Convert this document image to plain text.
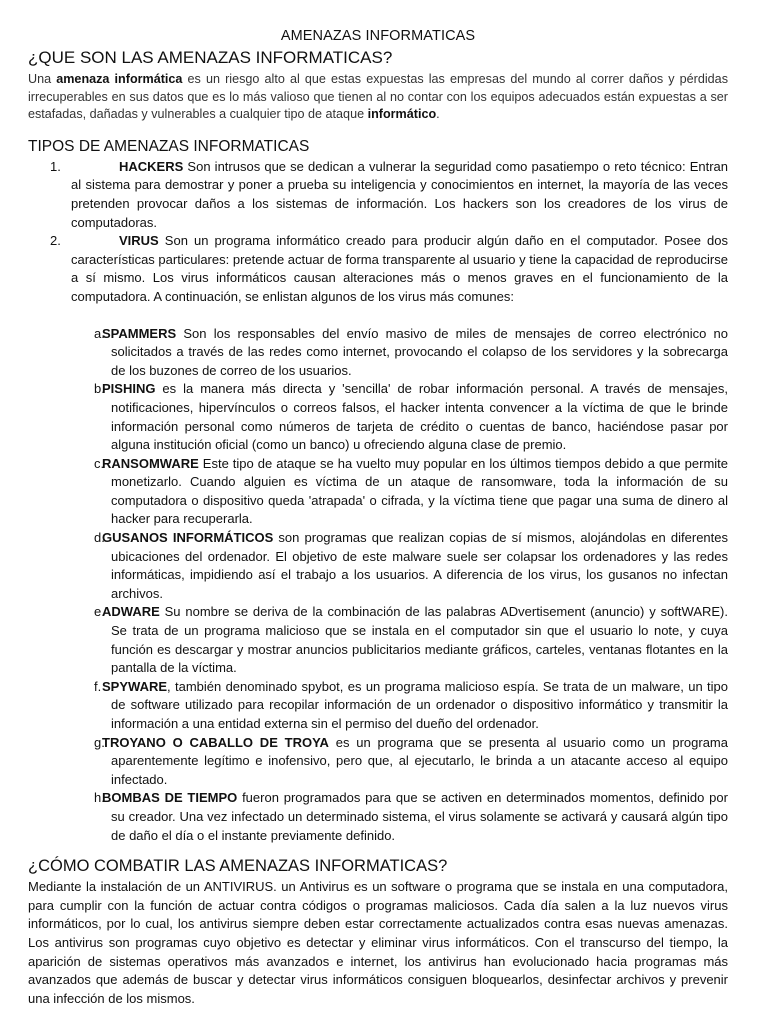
AMENAZAS INFORMATICAS
¿QUE SON LAS AMENAZAS INFORMATICAS?

Una amenaza informática es un riesgo alto al que estas expuestas las empresas del mundo al correr daños y pérdidas irrecuperables en sus datos que es lo más valioso que tienen al no contar con los equipos adecuados están expuestas a ser estafadas, dañadas y vulnerables a cualquier tipo de ataque informático.

TIPOS DE AMENAZAS INFORMATICAS
1.	HACKERS Son intrusos que se dedican a vulnerar la seguridad como pasatiempo o reto técnico: Entran al sistema para demostrar y poner a prueba su inteligencia y conocimientos en internet, la mayoría de las veces pretenden provocar daños a los sistemas de información. Los hackers son los creadores de los virus de computadoras.
2.	VIRUS Son un programa informático creado para producir algún daño en el computador. Posee dos características particulares: pretende actuar de forma transparente al usuario y tiene la capacidad de reproducirse a sí mismo. Los virus informáticos causan alteraciones más o menos graves en el funcionamiento de la computadora. A continuación, se enlistan algunos de los virus más comunes:
a.
SPAMMERS Son los responsables del envío masivo de miles de mensajes de correo electrónico no solicitados a través de las redes como internet, provocando el colapso de los servidores y la sobrecarga de los buzones de correo de los usuarios.
b.
PISHING es la manera más directa y 'sencilla' de robar información personal. A través de mensajes, notificaciones, hipervínculos o correos falsos, el hacker intenta convencer a la víctima de que le brinde información personal como números de tarjeta de crédito o cuentas de banco, haciéndose pasar por alguna institución oficial (como un banco) u ofreciendo alguna clase de premio.
c.
RANSOMWARE Este tipo de ataque se ha vuelto muy popular en los últimos tiempos debido a que permite monetizarlo. Cuando alguien es víctima de un ataque de ransomware, toda la información de su computadora o dispositivo queda 'atrapada' o cifrada, y la víctima tiene que pagar una suma de dinero al hacker para recuperarla.
d.
GUSANOS INFORMÁTICOS son programas que realizan copias de sí mismos, alojándolas en diferentes ubicaciones del ordenador. El objetivo de este malware suele ser colapsar los ordenadores y las redes informáticas, impidiendo así el trabajo a los usuarios. A diferencia de los virus, los gusanos no infectan archivos.
e.
ADWARE Su nombre se deriva de la combinación de las palabras ADvertisement (anuncio) y softWARE). Se trata de un programa malicioso que se instala en el computador sin que el usuario lo note, y cuya función es descargar y mostrar anuncios publicitarios mediante gráficos, carteles, ventanas flotantes en la pantalla de la víctima.
f. SPYWARE, también denominado spybot, es un programa malicioso espía. Se trata de un malware, un tipo de software utilizado para recopilar información de un ordenador o dispositivo informático y transmitir la información a una entidad externa sin el permiso del dueño del ordenador.
g.
TROYANO O CABALLO DE TROYA es un programa que se presenta al usuario como un programa aparentemente legítimo e inofensivo, pero que, al ejecutarlo, le brinda a un atacante acceso al equipo infectado.
h.
BOMBAS DE TIEMPO fueron programados para que se activen en determinados momentos, definido por su creador. Una vez infectado un determinado sistema, el virus solamente se activará y causará algún tipo de daño el día o el instante previamente definido.
¿CÓMO COMBATIR LAS AMENAZAS INFORMATICAS?

Mediante la instalación de un ANTIVIRUS. un Antivirus es un software o programa que se instala en una computadora, para cumplir con la función de actuar contra códigos o programas maliciosos. Cada día salen a la luz nuevos virus informáticos, por lo cual, los antivirus siempre deben estar correctamente actualizados contra esas nuevas amenazas. Los antivirus son programas cuyo objetivo es detectar y eliminar virus informáticos. Con el transcurso del tiempo, la aparición de sistemas operativos más avanzados e internet, los antivirus han evolucionado hacia programas más avanzados que además de buscar y detectar virus informáticos consiguen bloquearlos, desinfectar archivos y prevenir una infección de los mismos.
